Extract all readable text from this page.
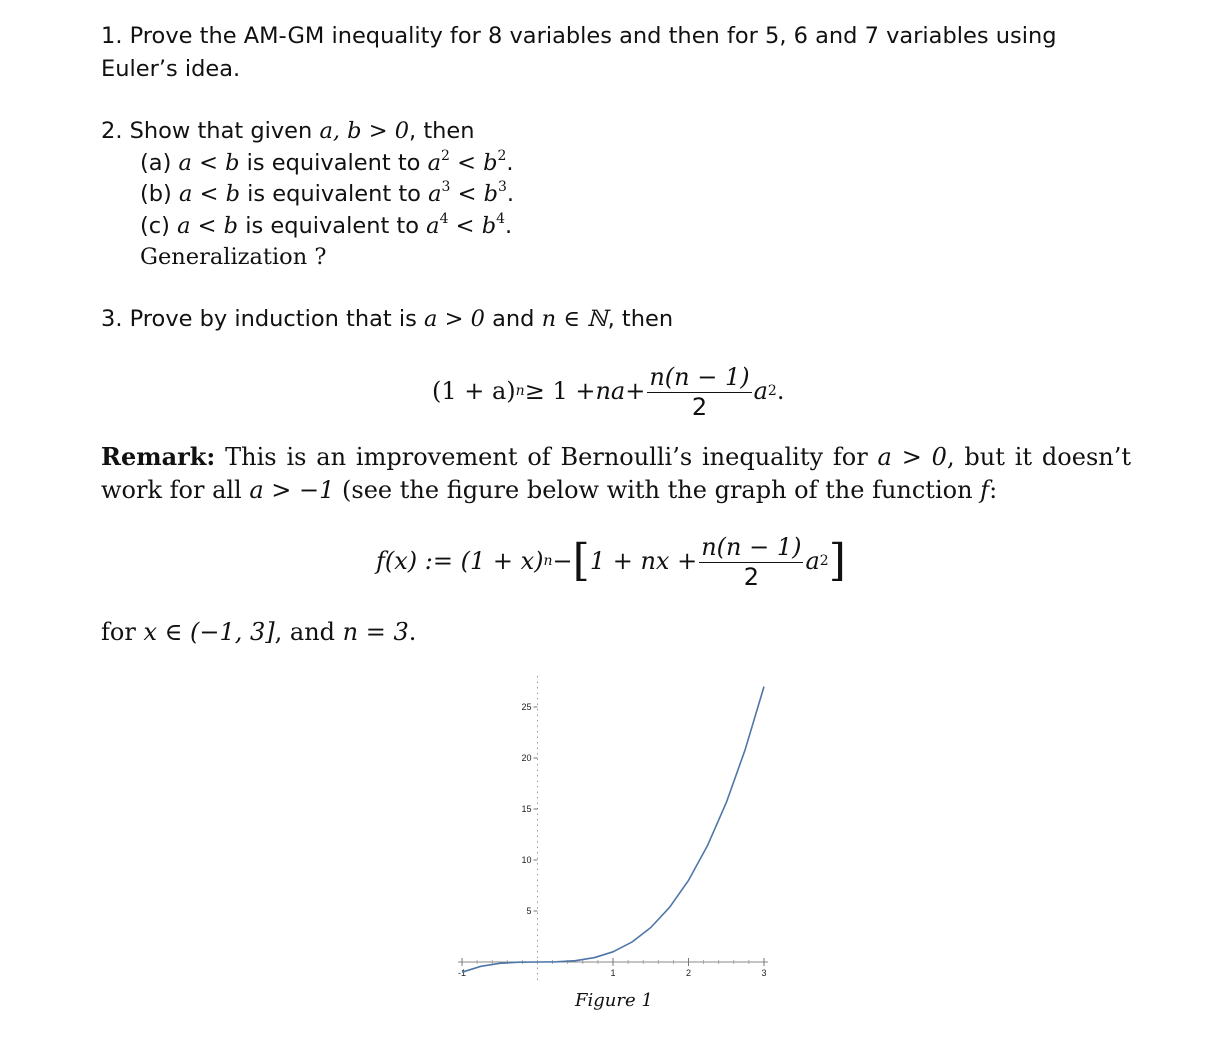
1. Prove the AM-GM inequality for 8 variables and then for 5, 6 and 7 variables using Euler’s idea.
2. Show that given a, b > 0, then
(a) a < b is equivalent to $a^2 < b^2$.
(b) a < b is equivalent to $a^3 < b^3$.
(c) a < b is equivalent to $a^4 < b^4$.
Generalization ?
3. Prove by induction that is a > 0 and n ∈ ℕ, then
(1 + a) n ≥ 1 + na + $\frac{n(n - 1)}{2}$ a 2 .
Remark: This is an improvement of Bernoulli’s inequality for a > 0, but it doesn’t work for all a > −1 (see the figure below with the graph of the function f:
f(x) := (1 + x) n − [ 1 + nx + $\frac{n(n - 1)}{2}$ a 2 ]
for x ∈ (−1, 3], and n = 3.
-1	1	2	3
5
10
15
20
25
Figure 1
